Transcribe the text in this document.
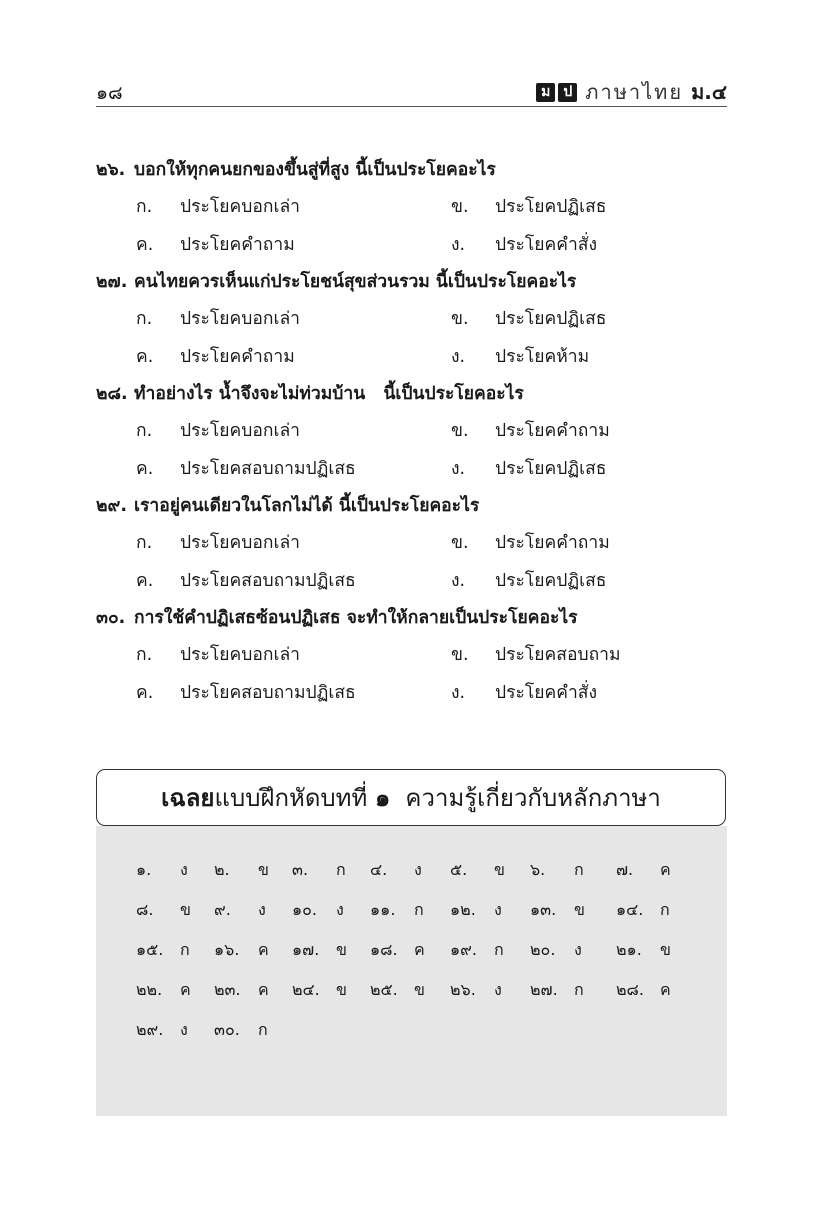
๑๘	ม ป ภาษาไทย ม.๔
๒๖. บอกให้ทุกคนยกของขึ้นสู่ที่สูง นี้เป็นประโยคอะไร
ก. ประโยคบอกเล่า	ข. ประโยคปฏิเสธ
ค. ประโยคคำถาม	ง. ประโยคคำสั่ง
๒๗. คนไทยควรเห็นแก่ประโยชน์สุขส่วนรวม นี้เป็นประโยคอะไร
ก. ประโยคบอกเล่า	ข. ประโยคปฏิเสธ
ค. ประโยคคำถาม	ง. ประโยคห้าม
๒๘. ทำอย่างไร น้ำจึงจะไม่ท่วมบ้าน   นี้เป็นประโยคอะไร
ก. ประโยคบอกเล่า	ข. ประโยคคำถาม
ค. ประโยคสอบถามปฏิเสธ	ง. ประโยคปฏิเสธ
๒๙. เราอยู่คนเดียวในโลกไม่ได้ นี้เป็นประโยคอะไร
ก. ประโยคบอกเล่า	ข. ประโยคคำถาม
ค. ประโยคสอบถามปฏิเสธ	ง. ประโยคปฏิเสธ
๓๐. การใช้คำปฏิเสธซ้อนปฏิเสธ จะทำให้กลายเป็นประโยคอะไร
ก. ประโยคบอกเล่า	ข. ประโยคสอบถาม
ค. ประโยคสอบถามปฏิเสธ	ง. ประโยคคำสั่ง
เฉลย แบบฝึกหัดบทที่ ๑ ความรู้เกี่ยวกับหลักภาษา
๑. ง ๒. ข ๓. ก ๔. ง ๕. ข ๖. ก ๗. ค
๘. ข ๙. ง ๑๐. ง ๑๑. ก ๑๒. ง ๑๓. ข ๑๔. ก
๑๕. ก ๑๖. ค ๑๗. ข ๑๘. ค ๑๙. ก ๒๐. ง ๒๑. ข
๒๒. ค ๒๓. ค ๒๔. ข ๒๕. ข ๒๖. ง ๒๗. ก ๒๘. ค
๒๙. ง ๓๐. ก
